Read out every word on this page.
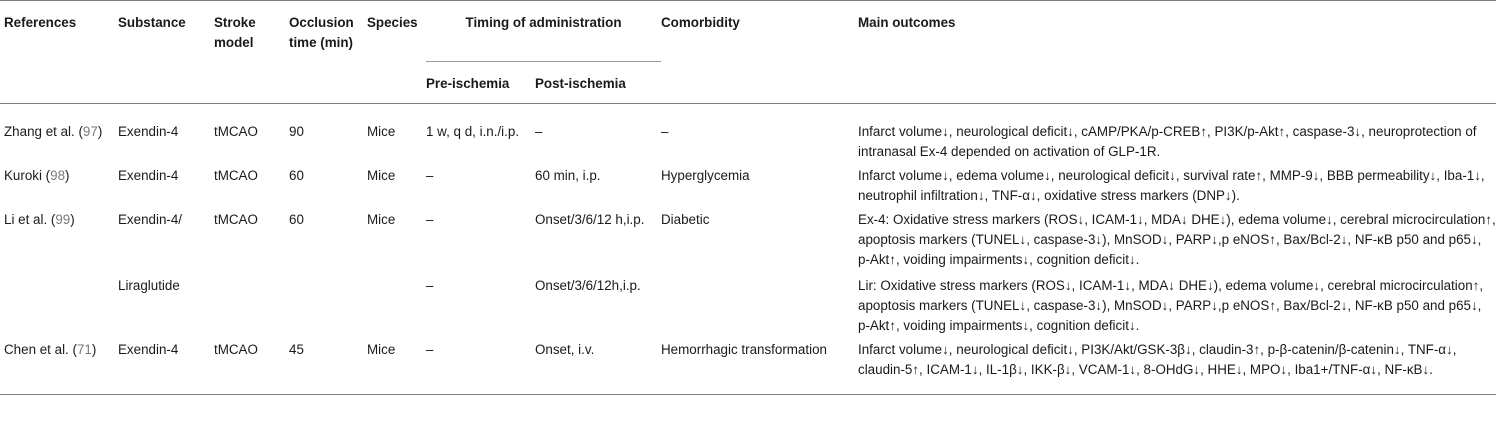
References	Substance	Stroke model	Occlusion time (min)	Species	Timing of administration		Comorbidity	Main outcomes
					Pre-ischemia	Post-ischemia		
Zhang et al. (97)	Exendin-4	tMCAO	90	Mice	1 w, q d, i.n./i.p.	–	–	Infarct volume↓, neurological deficit↓, cAMP/PKA/p-CREB↑, PI3K/p-Akt↑, caspase-3↓, neuroprotection of intranasal Ex-4 depended on activation of GLP-1R.
Kuroki (98)	Exendin-4	tMCAO	60	Mice	–	60 min, i.p.	Hyperglycemia	Infarct volume↓, edema volume↓, neurological deficit↓, survival rate↑, MMP-9↓, BBB permeability↓, Iba-1↓, neutrophil infiltration↓, TNF-α↓, oxidative stress markers (DNP↓).
Li et al. (99)	Exendin-4/	tMCAO	60	Mice	–	Onset/3/6/12 h,i.p.	Diabetic	Ex-4: Oxidative stress markers (ROS↓, ICAM-1↓, MDA↓ DHE↓), edema volume↓, cerebral microcirculation↑, apoptosis markers (TUNEL↓, caspase-3↓), MnSOD↓, PARP↓,p eNOS↑, Bax/Bcl-2↓, NF-κB p50 and p65↓, p-Akt↑, voiding impairments↓, cognition deficit↓.
	Liraglutide				–	Onset/3/6/12h,i.p.		Lir: Oxidative stress markers (ROS↓, ICAM-1↓, MDA↓ DHE↓), edema volume↓, cerebral microcirculation↑, apoptosis markers (TUNEL↓, caspase-3↓), MnSOD↓, PARP↓,p eNOS↑, Bax/Bcl-2↓, NF-κB p50 and p65↓, p-Akt↑, voiding impairments↓, cognition deficit↓.
Chen et al. (71)	Exendin-4	tMCAO	45	Mice	–	Onset, i.v.	Hemorrhagic transformation	Infarct volume↓, neurological deficit↓, PI3K/Akt/GSK-3β↓, claudin-3↑, p-β-catenin/β-catenin↓, TNF-α↓, claudin-5↑, ICAM-1↓, IL-1β↓, IKK-β↓, VCAM-1↓, 8-OHdG↓, HHE↓, MPO↓, Iba1+/TNF-α↓, NF-κB↓.
